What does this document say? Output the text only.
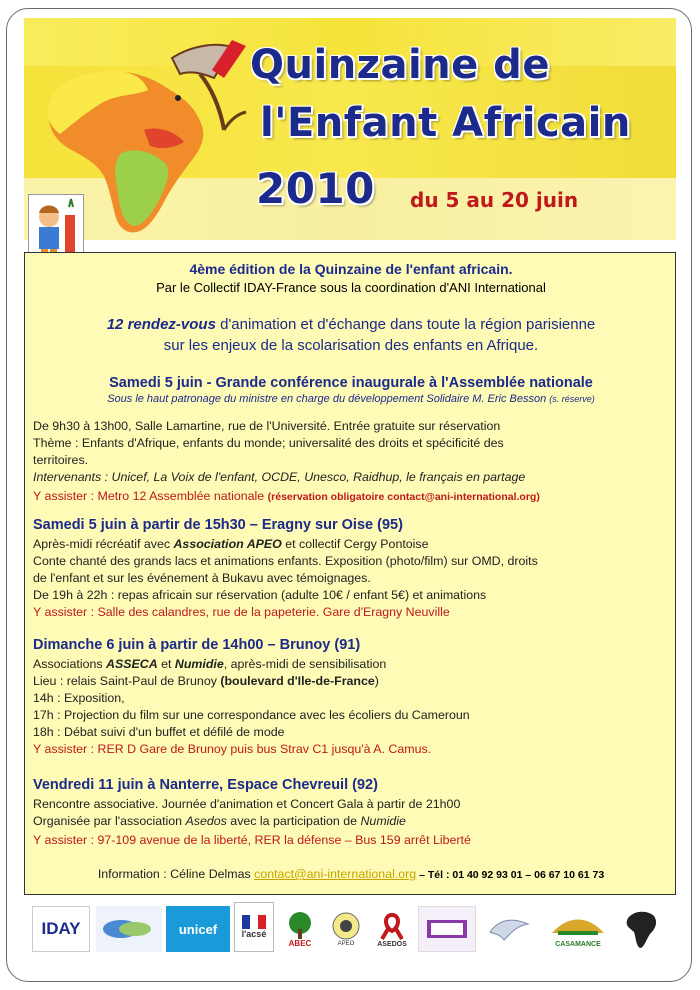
Quinzaine de
l'Enfant Africain
2010 du 5 au 20 juin

4ème édition de la Quinzaine de l'enfant africain.

Par le Collectif IDAY-France sous la coordination d'ANI International

12 rendez-vous d'animation et d'échange dans toute la région parisienne

sur les enjeux de la scolarisation des enfants en Afrique.

Samedi 5 juin - Grande conférence inaugurale à l'Assemblée nationale

Sous le haut patronage du ministre en charge du développement Solidaire M. Eric Besson (s. réserve)

De 9h30 à 13h00, Salle Lamartine, rue de l'Université. Entrée gratuite sur réservation

Thème : Enfants d'Afrique, enfants du monde; universalité des droits et spécificité des

territoires.

Intervenants : Unicef, La Voix de l'enfant, OCDE, Unesco, Raidhup, le français en partage

Y assister : Metro 12 Assemblée nationale (réservation obligatoire contact@ani-international.org)

Samedi 5 juin à partir de 15h30 – Eragny sur Oise (95)

Après-midi récréatif avec Association APEO et collectif Cergy Pontoise

Conte chanté des grands lacs et animations enfants. Exposition (photo/film) sur OMD, droits

de l'enfant et sur les événement à Bukavu avec témoignages.

De 19h à 22h : repas africain sur réservation (adulte 10€ / enfant 5€) et animations

Y assister : Salle des calandres, rue de la papeterie. Gare d'Eragny Neuville

Dimanche 6 juin à partir de 14h00 – Brunoy (91)

Associations ASSECA et Numidie, après-midi de sensibilisation

Lieu : relais Saint-Paul de Brunoy (boulevard d'Ile-de-France)

14h : Exposition,

17h : Projection du film sur une correspondance avec les écoliers du Cameroun

18h : Débat suivi d'un buffet et défilé de mode

Y assister : RER D Gare de Brunoy puis bus Strav C1 jusqu'à A. Camus.

Vendredi 11 juin à Nanterre, Espace Chevreuil (92)

Rencontre associative. Journée d'animation et Concert Gala à partir de 21h00

Organisée par l'association Asedos avec la participation de Numidie

Y assister : 97-109 avenue de la liberté, RER la défense – Bus 159 arrêt Liberté

Information : Céline Delmas contact@ani-international.org – Tél : 01 40 92 93 01 – 06 67 10 61 73

IDAY	unicef	l'acsé
ABEC	APEO	ASEDOS	CASAMANCE
